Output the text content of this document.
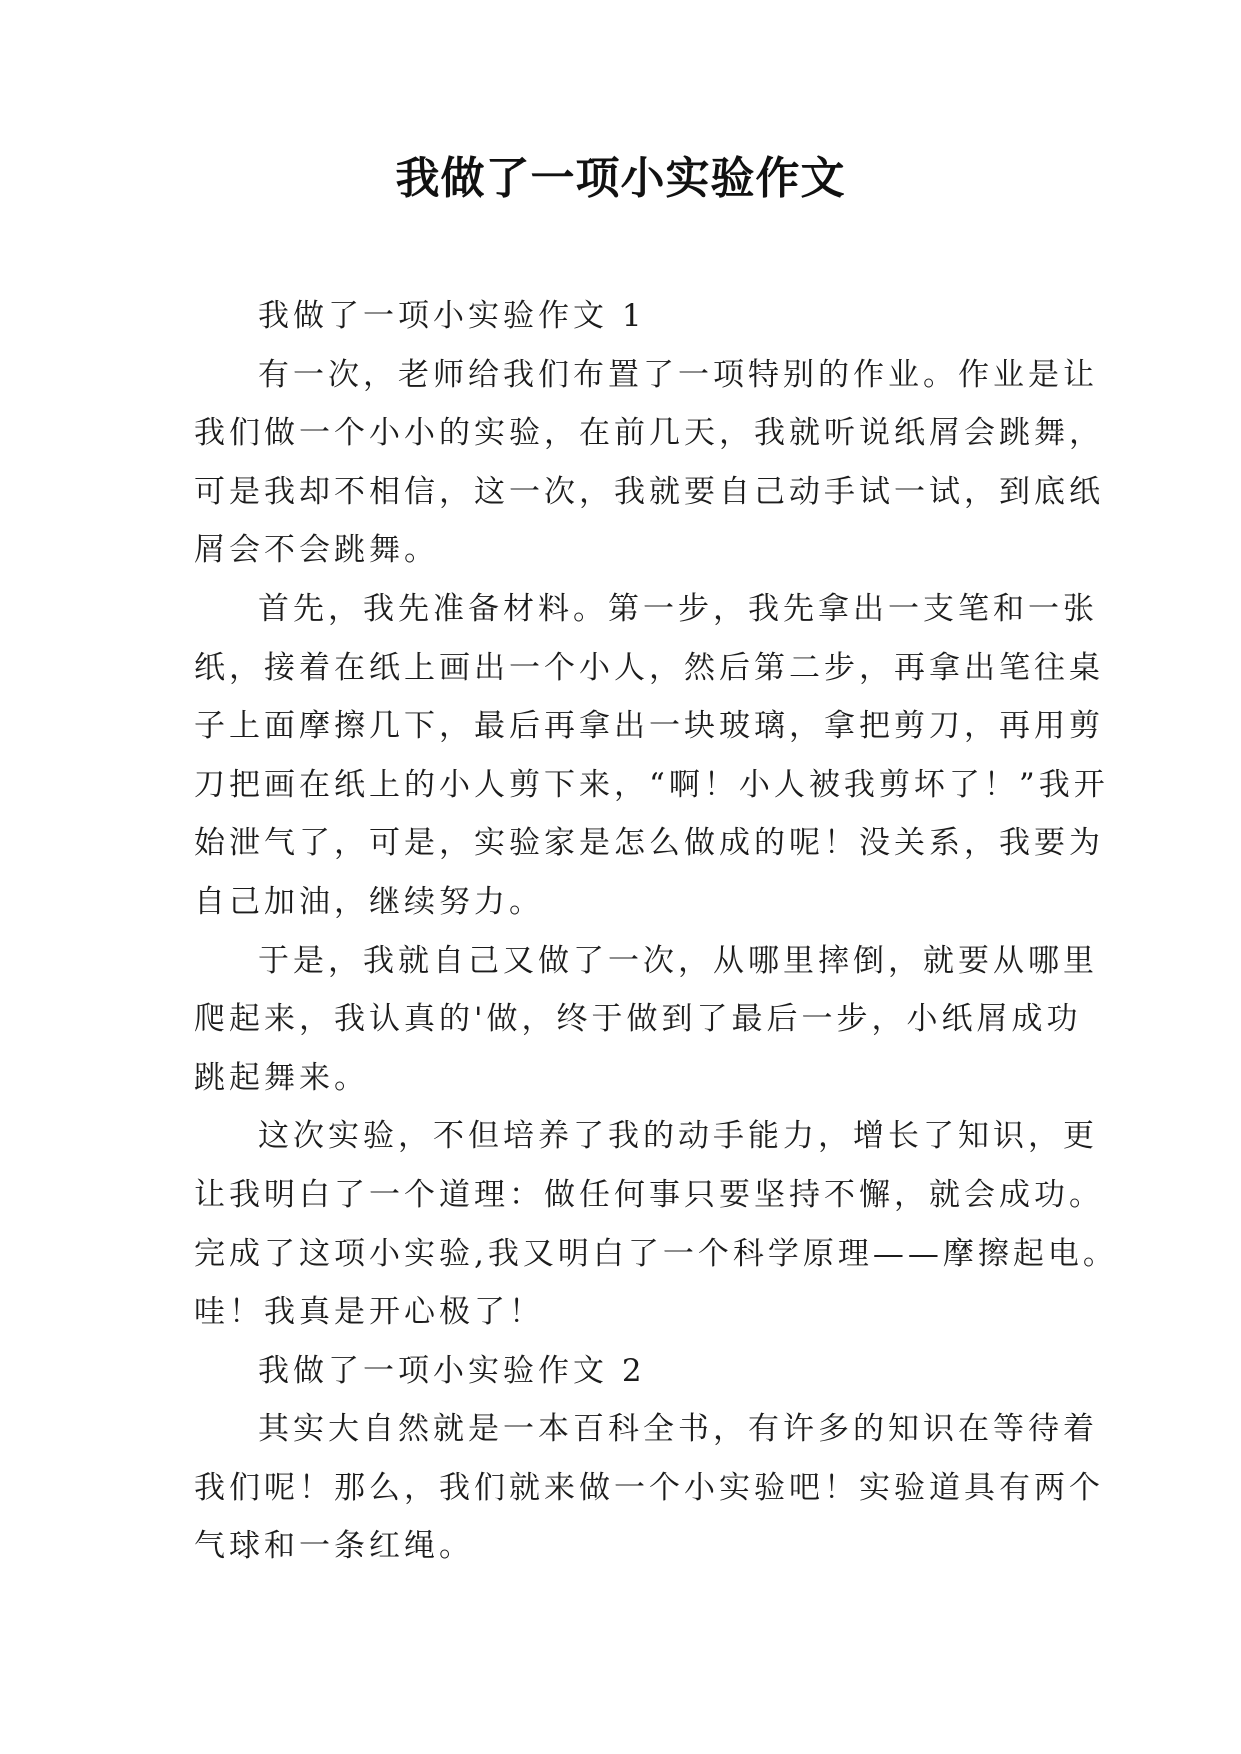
我做了一项小实验作文
我做了一项小实验作文 1
有一次，老师给我们布置了一项特别的作业。作业是让
我们做一个小小的实验，在前几天，我就听说纸屑会跳舞，
可是我却不相信，这一次，我就要自己动手试一试，到底纸
屑会不会跳舞。
首先，我先准备材料。第一步，我先拿出一支笔和一张
纸，接着在纸上画出一个小人，然后第二步，再拿出笔往桌
子上面摩擦几下，最后再拿出一块玻璃，拿把剪刀，再用剪
刀把画在纸上的小人剪下来，“啊！小人被我剪坏了！”我开
始泄气了，可是，实验家是怎么做成的呢！没关系，我要为
自己加油，继续努力。
于是，我就自己又做了一次，从哪里摔倒，就要从哪里
爬起来，我认真的'做，终于做到了最后一步，小纸屑成功
跳起舞来。
这次实验，不但培养了我的动手能力，增长了知识，更
让我明白了一个道理：做任何事只要坚持不懈，就会成功。
完成了这项小实验,我又明白了一个科学原理——摩擦起电。
哇！我真是开心极了！
我做了一项小实验作文 2
其实大自然就是一本百科全书，有许多的知识在等待着
我们呢！那么，我们就来做一个小实验吧！实验道具有两个
气球和一条红绳。
